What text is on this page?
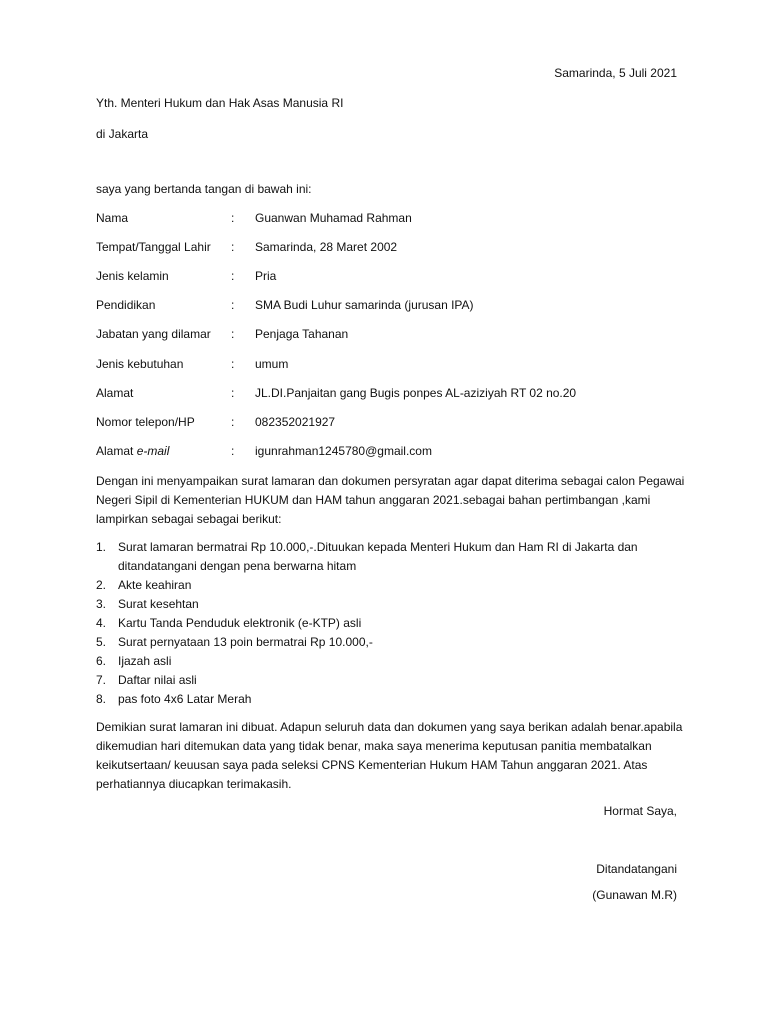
Samarinda, 5 Juli 2021
Yth. Menteri Hukum dan Hak Asas Manusia RI
di Jakarta
saya yang bertanda tangan di bawah ini:
Nama	: Guanwan Muhamad Rahman
Tempat/Tanggal Lahir : Samarinda, 28 Maret 2002
Jenis kelamin	: Pria
Pendidikan	: SMA Budi Luhur samarinda (jurusan IPA)
Jabatan yang dilamar : Penjaga Tahanan
Jenis kebutuhan	: umum
Alamat	: JL.DI.Panjaitan gang Bugis ponpes AL-aziziyah RT 02 no.20
Nomor telepon/HP	: 082352021927
Alamat e-mail	: igunrahman1245780@gmail.com
Dengan ini menyampaikan surat lamaran dan dokumen persyratan agar dapat diterima sebagai calon Pegawai Negeri Sipil di Kementerian HUKUM dan HAM tahun anggaran 2021.sebagai bahan pertimbangan ,kami lampirkan sebagai sebagai berikut:
1. Surat lamaran bermatrai Rp 10.000,-.Dituukan kepada Menteri Hukum dan Ham RI di Jakarta dan ditandatangani dengan pena berwarna hitam
2. Akte keahiran
3. Surat kesehtan
4. Kartu Tanda Penduduk elektronik (e-KTP) asli
5. Surat pernyataan 13 poin bermatrai Rp 10.000,-
6. Ijazah asli
7. Daftar nilai asli
8. pas foto 4x6 Latar Merah
Demikian surat lamaran ini dibuat. Adapun seluruh data dan dokumen yang saya berikan adalah benar.apabila dikemudian hari ditemukan data yang tidak benar, maka saya menerima keputusan panitia membatalkan keikutsertaan/ keuusan saya pada seleksi CPNS Kementerian Hukum HAM Tahun anggaran 2021. Atas perhatiannya diucapkan terimakasih.
Hormat Saya,
Ditandatangani
(Gunawan M.R)
